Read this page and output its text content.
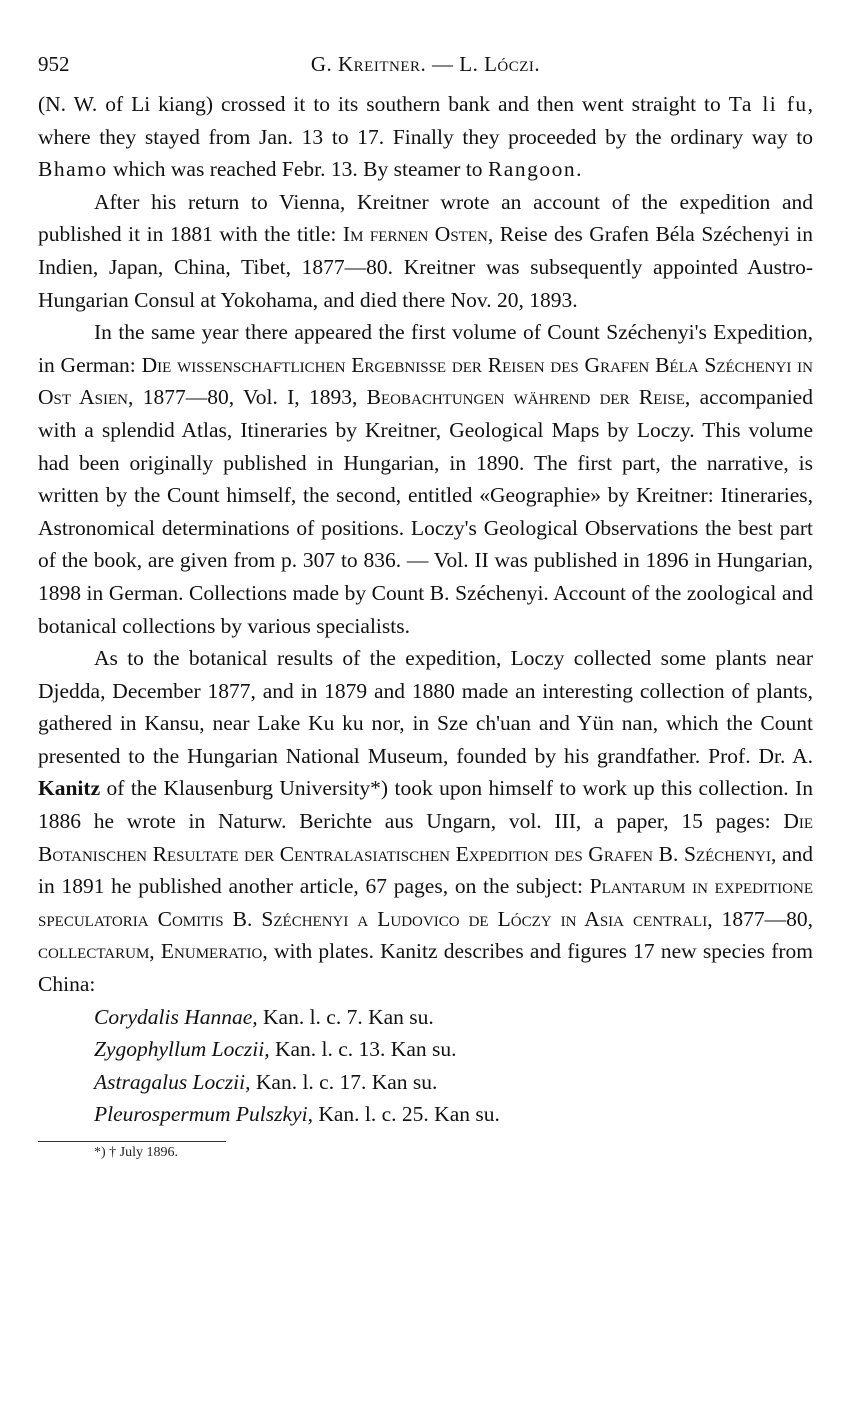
952	G. Kreitner. — L. Lóczi.

(N. W. of Li kiang) crossed it to its southern bank and then went straight to Ta li fu, where they stayed from Jan. 13 to 17. Finally they proceeded by the ordinary way to Bhamo which was reached Febr. 13. By steamer to Rangoon.

After his return to Vienna, Kreitner wrote an account of the expedition and published it in 1881 with the title: Im fernen Osten, Reise des Grafen Béla Széchenyi in Indien, Japan, China, Tibet, 1877—80. Kreitner was subsequently appointed Austro-Hungarian Consul at Yokohama, and died there Nov. 20, 1893.

In the same year there appeared the first volume of Count Széchenyi's Expedition, in German: Die wissenschaftlichen Ergebnisse der Reisen des Grafen Béla Széchenyi in Ost Asien, 1877—80, Vol. I, 1893, Beobachtungen während der Reise, accompanied with a splendid Atlas, Itineraries by Kreitner, Geological Maps by Loczy. This volume had been originally published in Hungarian, in 1890. The first part, the narrative, is written by the Count himself, the second, entitled «Geographie» by Kreitner: Itineraries, Astronomical determinations of positions. Loczy's Geological Observations the best part of the book, are given from p. 307 to 836. — Vol. II was published in 1896 in Hungarian, 1898 in German. Collections made by Count B. Széchenyi. Account of the zoological and botanical collections by various specialists.

As to the botanical results of the expedition, Loczy collected some plants near Djedda, December 1877, and in 1879 and 1880 made an interesting collection of plants, gathered in Kansu, near Lake Ku ku nor, in Sze ch'uan and Yün nan, which the Count presented to the Hungarian National Museum, founded by his grandfather. Prof. Dr. A. Kanitz of the Klausenburg University*) took upon himself to work up this collection. In 1886 he wrote in Naturw. Berichte aus Ungarn, vol. III, a paper, 15 pages: Die Botanischen Resultate der Centralasiatischen Expedition des Grafen B. Széchenyi, and in 1891 he published another article, 67 pages, on the subject: Plantarum in expeditione speculatoria Comitis B. Széchenyi a Ludovico de Lóczy in Asia centrali, 1877—80, collectarum, Enumeratio, with plates. Kanitz describes and figures 17 new species from China:

Corydalis Hannae, Kan. l. c. 7. Kan su.
Zygophyllum Loczii, Kan. l. c. 13. Kan su.
Astragalus Loczii, Kan. l. c. 17. Kan su.
Pleurospermum Pulszkyi, Kan. l. c. 25. Kan su.
*) † July 1896.
